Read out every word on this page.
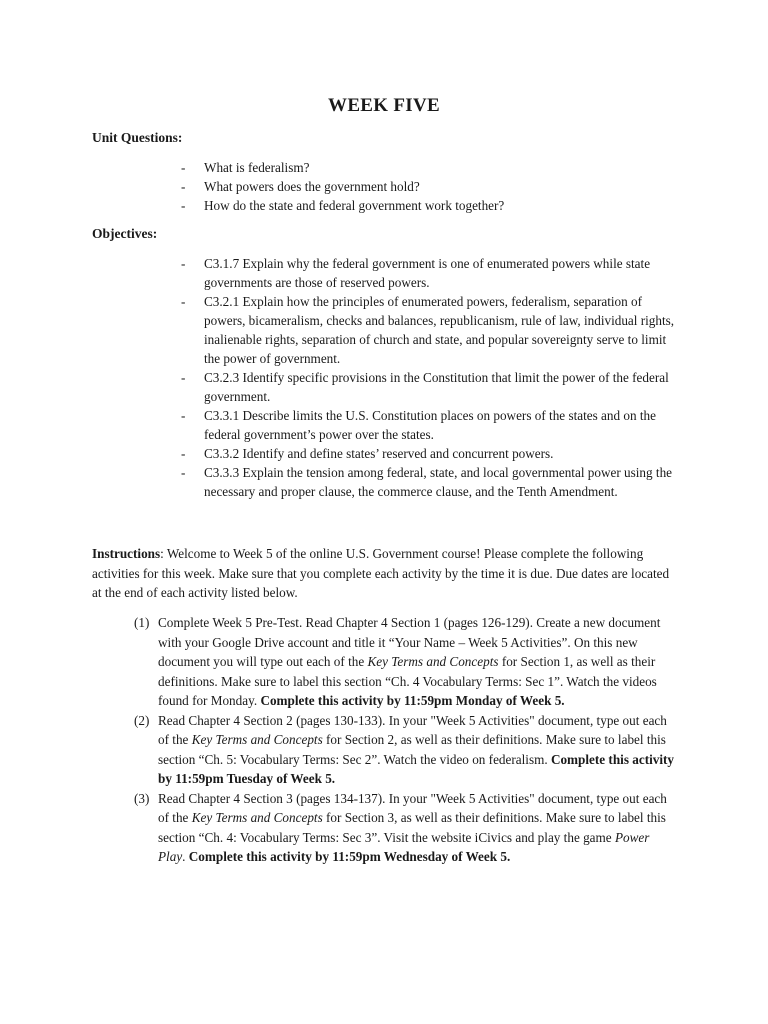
WEEK FIVE
Unit Questions:
- What is federalism?
- What powers does the government hold?
- How do the state and federal government work together?
Objectives:
- C3.1.7 Explain why the federal government is one of enumerated powers while state governments are those of reserved powers.
- C3.2.1 Explain how the principles of enumerated powers, federalism, separation of powers, bicameralism, checks and balances, republicanism, rule of law, individual rights, inalienable rights, separation of church and state, and popular sovereignty serve to limit the power of government.
- C3.2.3 Identify specific provisions in the Constitution that limit the power of the federal government.
- C3.3.1 Describe limits the U.S. Constitution places on powers of the states and on the federal government’s power over the states.
- C3.3.2 Identify and define states’ reserved and concurrent powers.
- C3.3.3 Explain the tension among federal, state, and local governmental power using the necessary and proper clause, the commerce clause, and the Tenth Amendment.

Instructions: Welcome to Week 5 of the online U.S. Government course! Please complete the following activities for this week. Make sure that you complete each activity by the time it is due. Due dates are located at the end of each activity listed below.

(1) Complete Week 5 Pre-Test. Read Chapter 4 Section 1 (pages 126-129). Create a new document with your Google Drive account and title it “Your Name – Week 5 Activities”. On this new document you will type out each of the Key Terms and Concepts for Section 1, as well as their definitions. Make sure to label this section “Ch. 4 Vocabulary Terms: Sec 1”. Watch the videos found for Monday. Complete this activity by 11:59pm Monday of Week 5.
(2) Read Chapter 4 Section 2 (pages 130-133). In your "Week 5 Activities" document, type out each of the Key Terms and Concepts for Section 2, as well as their definitions. Make sure to label this section “Ch. 5: Vocabulary Terms: Sec 2”. Watch the video on federalism. Complete this activity by 11:59pm Tuesday of Week 5.
(3) Read Chapter 4 Section 3 (pages 134-137). In your "Week 5 Activities" document, type out each of the Key Terms and Concepts for Section 3, as well as their definitions. Make sure to label this section “Ch. 4: Vocabulary Terms: Sec 3”. Visit the website iCivics and play the game Power Play. Complete this activity by 11:59pm Wednesday of Week 5.
